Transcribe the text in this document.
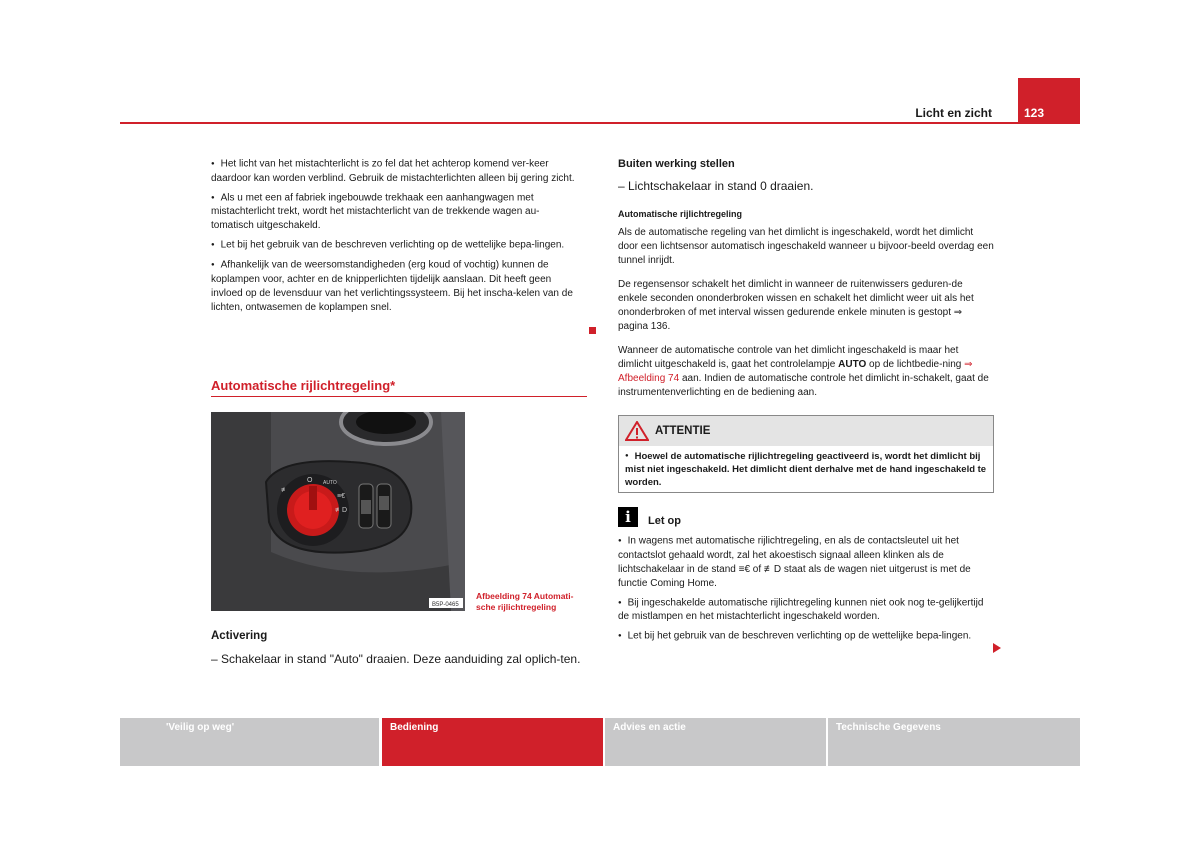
Licht en zicht	123

● Het licht van het mistachterlicht is zo fel dat het achterop komend ver-keer daardoor kan worden verblind. Gebruik de mistachterlichten alleen bij gering zicht.

● Als u met een af fabriek ingebouwde trekhaak een aanhangwagen met mistachterlicht trekt, wordt het mistachterlicht van de trekkende wagen au-tomatisch uitgeschakeld.

● Let bij het gebruik van de beschreven verlichting op de wettelijke bepa-lingen.

● Afhankelijk van de weersomstandigheden (erg koud of vochtig) kunnen de koplampen voor, achter en de knipperlichten tijdelijk aanslaan. Dit heeft geen invloed op de levensduur van het verlichtingssysteem. Bij het inscha-kelen van de lichten, ontwasemen de koplampen snel.

Automatische rijlichtregeling*
O AUTO
≢
≡€
≢D
B5P-0465
Afbeelding 74 Automati-sche rijlichtregeling
Activering
– Schakelaar in stand "Auto" draaien. Deze aanduiding zal oplich-ten.
Buiten werking stellen
– Lichtschakelaar in stand 0 draaien.
Automatische rijlichtregeling

Als de automatische regeling van het dimlicht is ingeschakeld, wordt het dimlicht door een lichtsensor automatisch ingeschakeld wanneer u bijvoor-beeld overdag een tunnel inrijdt.

De regensensor schakelt het dimlicht in wanneer de ruitenwissers geduren-de enkele seconden ononderbroken wissen en schakelt het dimlicht weer uit als het ononderbroken of met interval wissen gedurende enkele minuten is gestopt ⇒ pagina 136.

Wanneer de automatische controle van het dimlicht ingeschakeld is maar het dimlicht uitgeschakeld is, gaat het controlelampje AUTO op de lichtbedie-ning ⇒ Afbeelding 74 aan. Indien de automatische controle het dimlicht in-schakelt, gaat de instrumentenverlichting en de bediening aan.

ATTENTIE
● Hoewel de automatische rijlichtregeling geactiveerd is, wordt het dimlicht bij mist niet ingeschakeld. Het dimlicht dient derhalve met de hand ingeschakeld te worden.
i	Let op

● In wagens met automatische rijlichtregeling, en als de contactsleutel uit het contactslot gehaald wordt, zal het akoestisch signaal alleen klinken als de lichtschakelaar in de stand ≡€ of ≢D staat als de wagen niet uitgerust is met de functie Coming Home.

● Bij ingeschakelde automatische rijlichtregeling kunnen niet ook nog te-gelijkertijd de mistlampen en het mistachterlicht ingeschakeld worden.

● Let bij het gebruik van de beschreven verlichting op de wettelijke bepa-lingen.

'Veilig op weg'	Bediening	Advies en actie	Technische Gegevens
